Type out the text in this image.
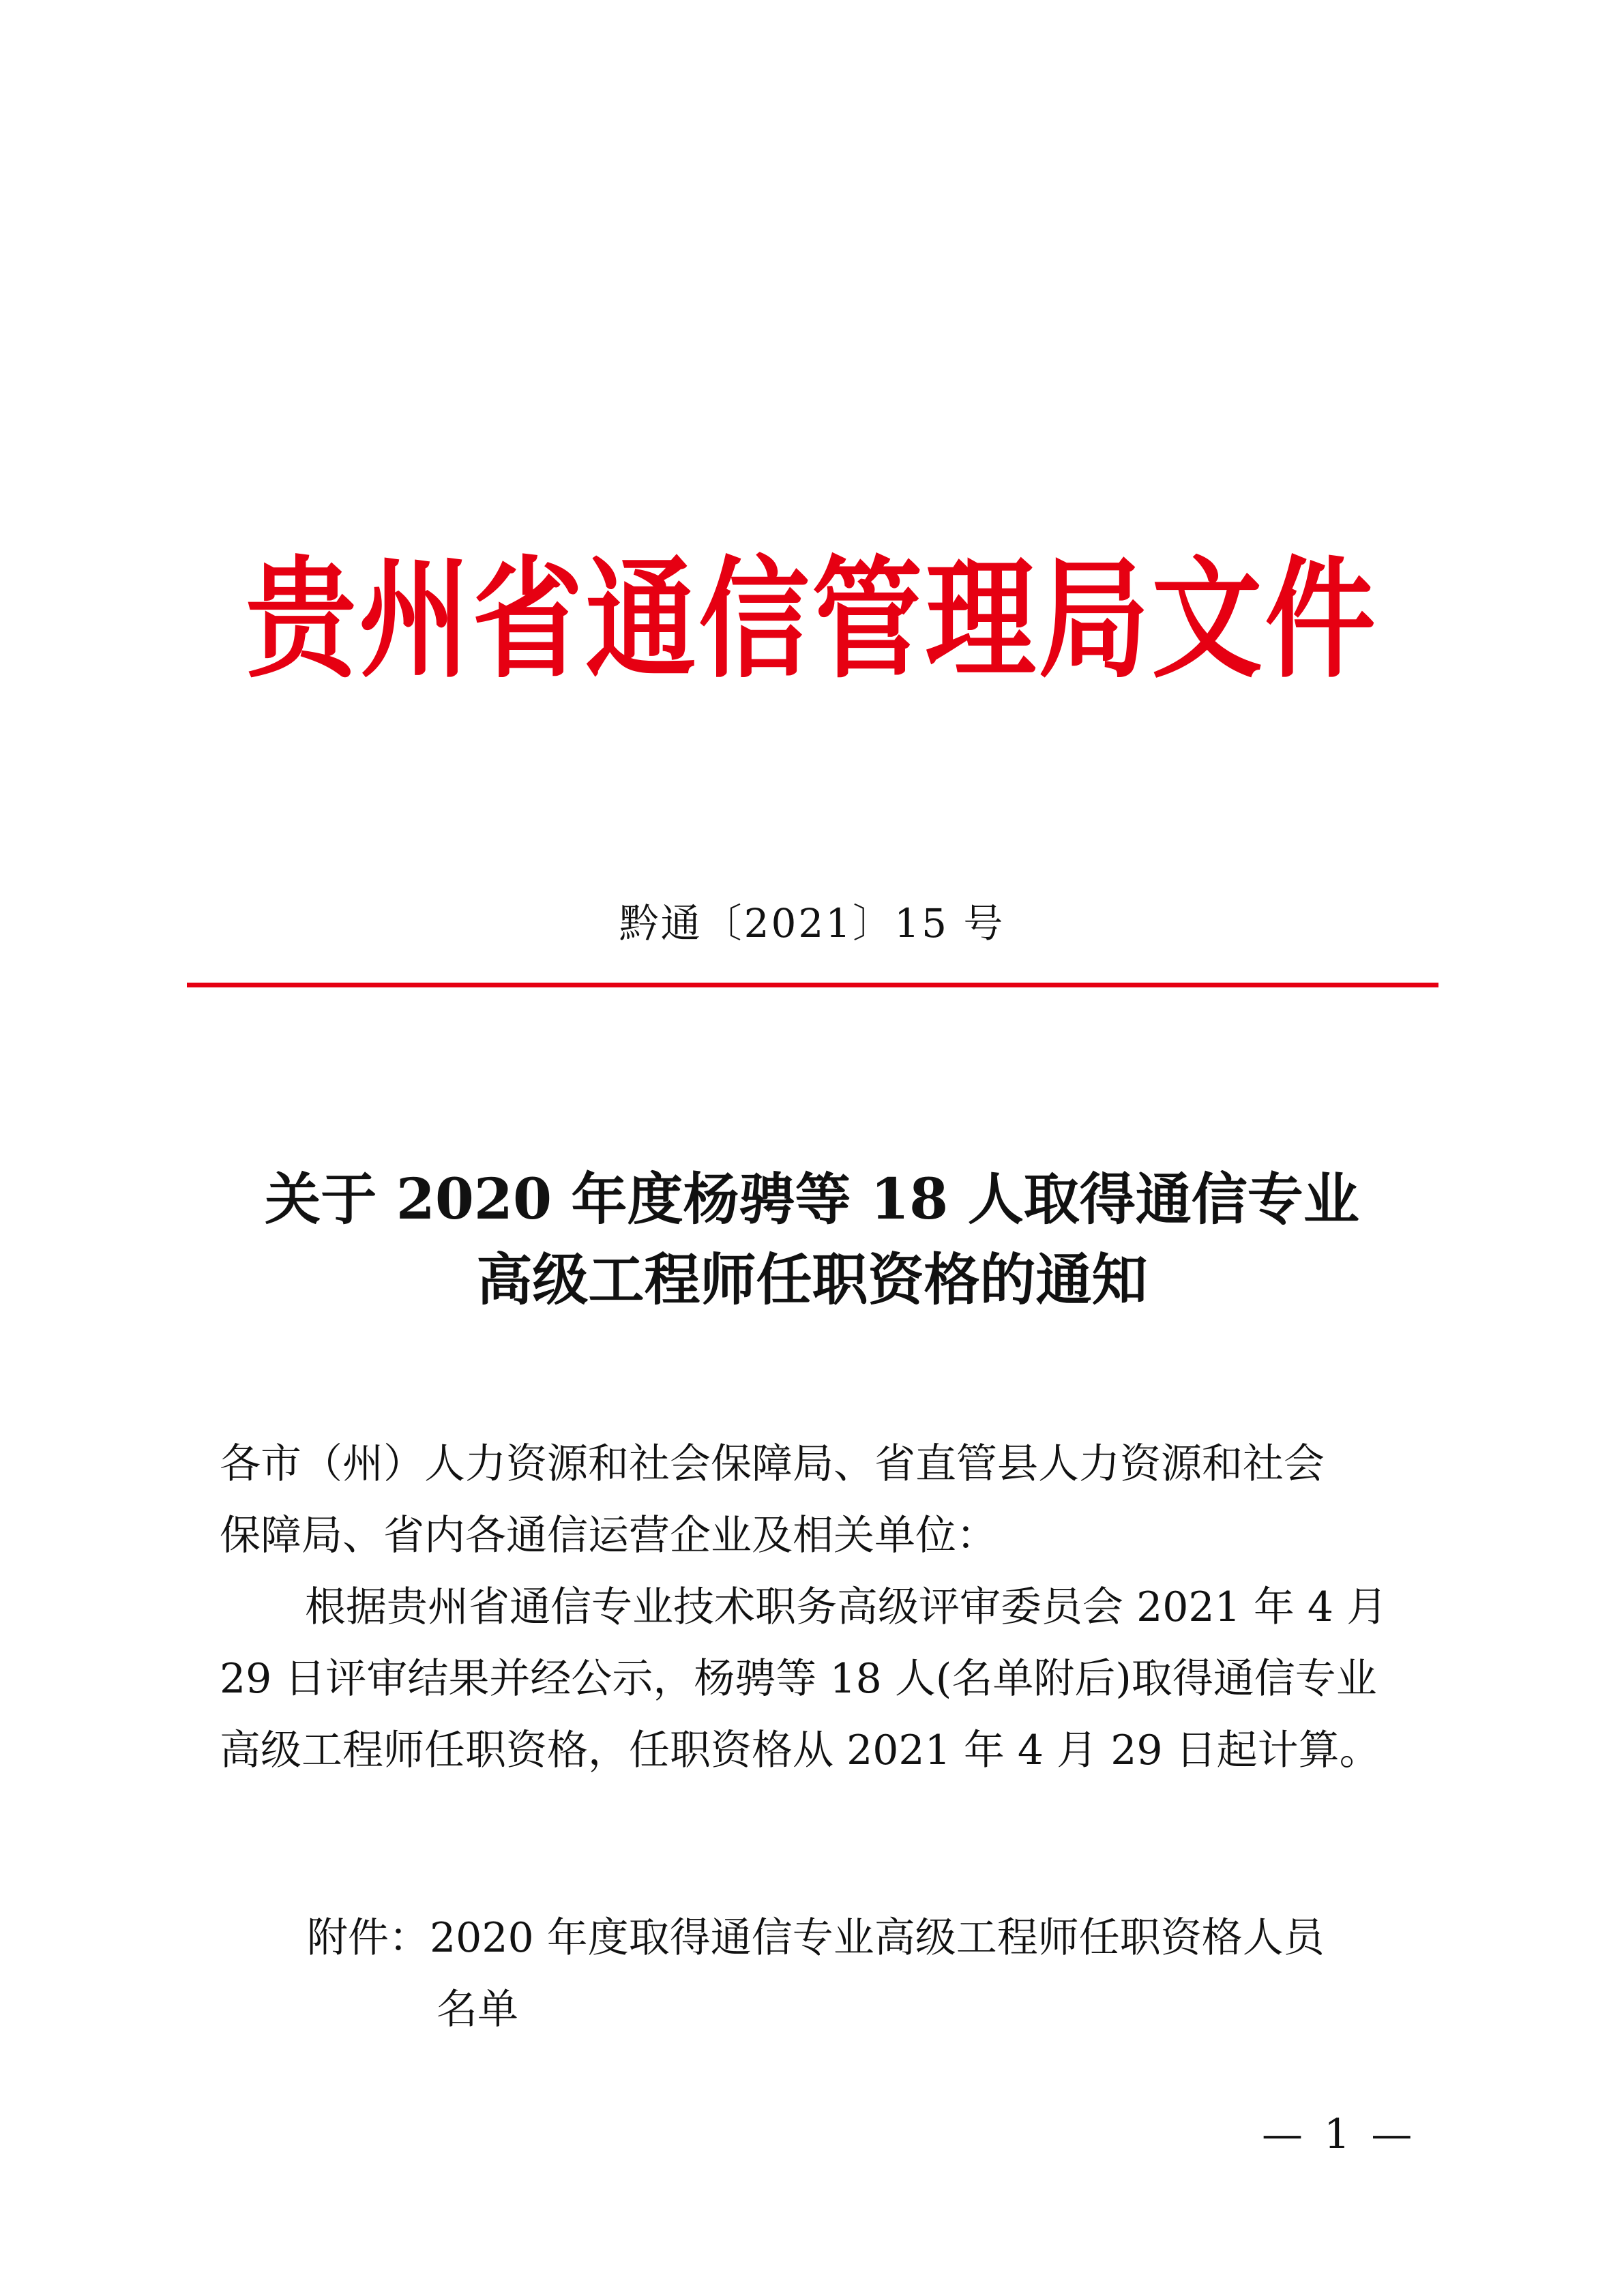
贵州省通信管理局文件
黔通〔2021〕15 号
关于 2020 年度杨骋等 18 人取得通信专业
高级工程师任职资格的通知
各市（州）人力资源和社会保障局、省直管县人力资源和社会
保障局、省内各通信运营企业及相关单位：
根据贵州省通信专业技术职务高级评审委员会 2021 年 4 月
29 日评审结果并经公示，杨骋等 18 人(名单附后)取得通信专业
高级工程师任职资格，任职资格从 2021 年 4 月 29 日起计算。
附件：2020 年度取得通信专业高级工程师任职资格人员
名单
— 1 —
